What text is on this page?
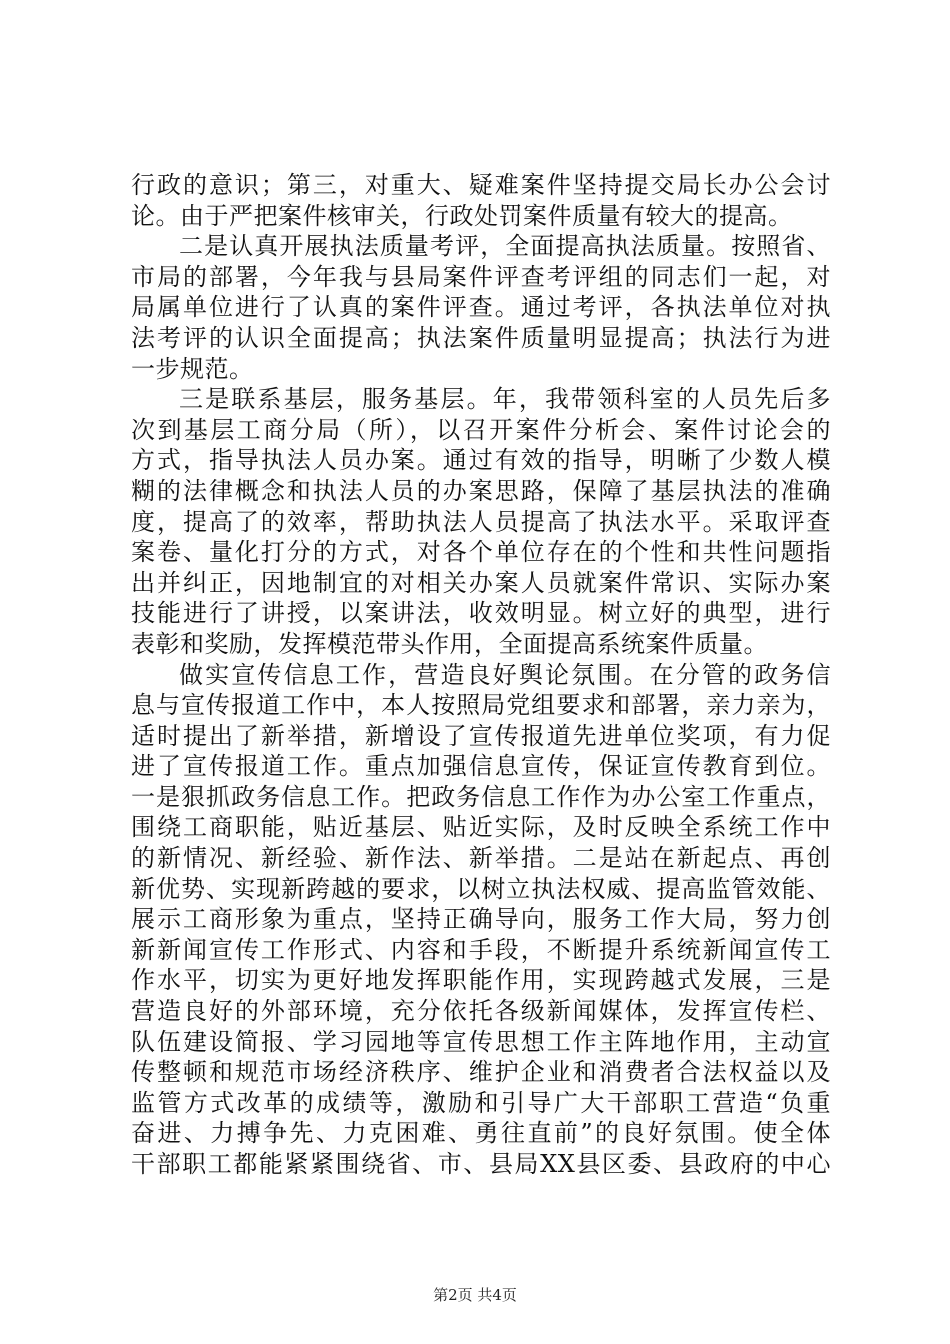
行政的意识；第三，对重大、疑难案件坚持提交局长办公会讨
论。由于严把案件核审关，行政处罚案件质量有较大的提高。
二是认真开展执法质量考评，全面提高执法质量。按照省、
市局的部署，今年我与县局案件评查考评组的同志们一起，对
局属单位进行了认真的案件评查。通过考评，各执法单位对执
法考评的认识全面提高；执法案件质量明显提高；执法行为进
一步规范。
三是联系基层，服务基层。年，我带领科室的人员先后多
次到基层工商分局（所），以召开案件分析会、案件讨论会的
方式，指导执法人员办案。通过有效的指导，明晰了少数人模
糊的法律概念和执法人员的办案思路，保障了基层执法的准确
度，提高了的效率，帮助执法人员提高了执法水平。采取评查
案卷、量化打分的方式，对各个单位存在的个性和共性问题指
出并纠正，因地制宜的对相关办案人员就案件常识、实际办案
技能进行了讲授，以案讲法，收效明显。树立好的典型，进行
表彰和奖励，发挥模范带头作用，全面提高系统案件质量。
做实宣传信息工作，营造良好舆论氛围。在分管的政务信
息与宣传报道工作中，本人按照局党组要求和部署，亲力亲为，
适时提出了新举措，新增设了宣传报道先进单位奖项，有力促
进了宣传报道工作。重点加强信息宣传，保证宣传教育到位。
一是狠抓政务信息工作。把政务信息工作作为办公室工作重点，
围绕工商职能，贴近基层、贴近实际，及时反映全系统工作中
的新情况、新经验、新作法、新举措。二是站在新起点、再创
新优势、实现新跨越的要求，以树立执法权威、提高监管效能、
展示工商形象为重点，坚持正确导向，服务工作大局，努力创
新新闻宣传工作形式、内容和手段，不断提升系统新闻宣传工
作水平，切实为更好地发挥职能作用，实现跨越式发展，三是
营造良好的外部环境，充分依托各级新闻媒体，发挥宣传栏、
队伍建设简报、学习园地等宣传思想工作主阵地作用，主动宣
传整顿和规范市场经济秩序、维护企业和消费者合法权益以及
监管方式改革的成绩等，激励和引导广大干部职工营造“负重
奋进、力搏争先、力克困难、勇往直前”的良好氛围。使全体
干部职工都能紧紧围绕省、市、县局XX县区委、县政府的中心
第2页 共4页
